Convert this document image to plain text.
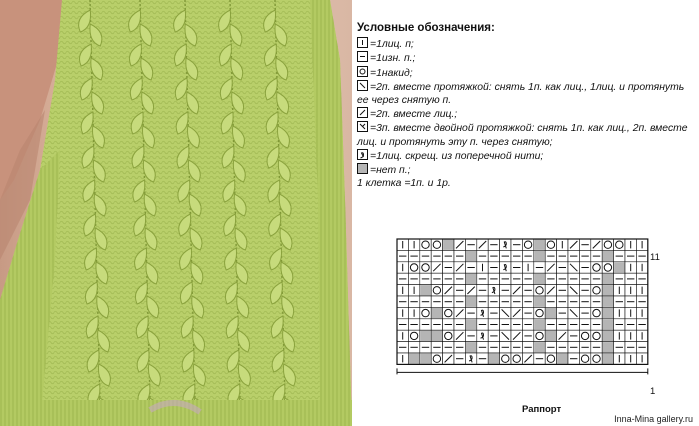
Условные обозначения:
=1лиц. п;
=1изн. п.;
=1накид;
=2п. вместе протяжкой: снять 1п. как лиц., 1лиц. и протянуть ее через снятую п.
=2п. вместе лиц.;
=3п. вместе двойной протяжкой: снять 1п. как лиц., 2п. вместе лиц. и протянуть эту п. через снятую;
=1лиц. скрещ. из поперечной нити;
=нет п.;
1 клетка =1п. и 1р.
11
1
Раппорт
Inna-Mina gallery.ru
